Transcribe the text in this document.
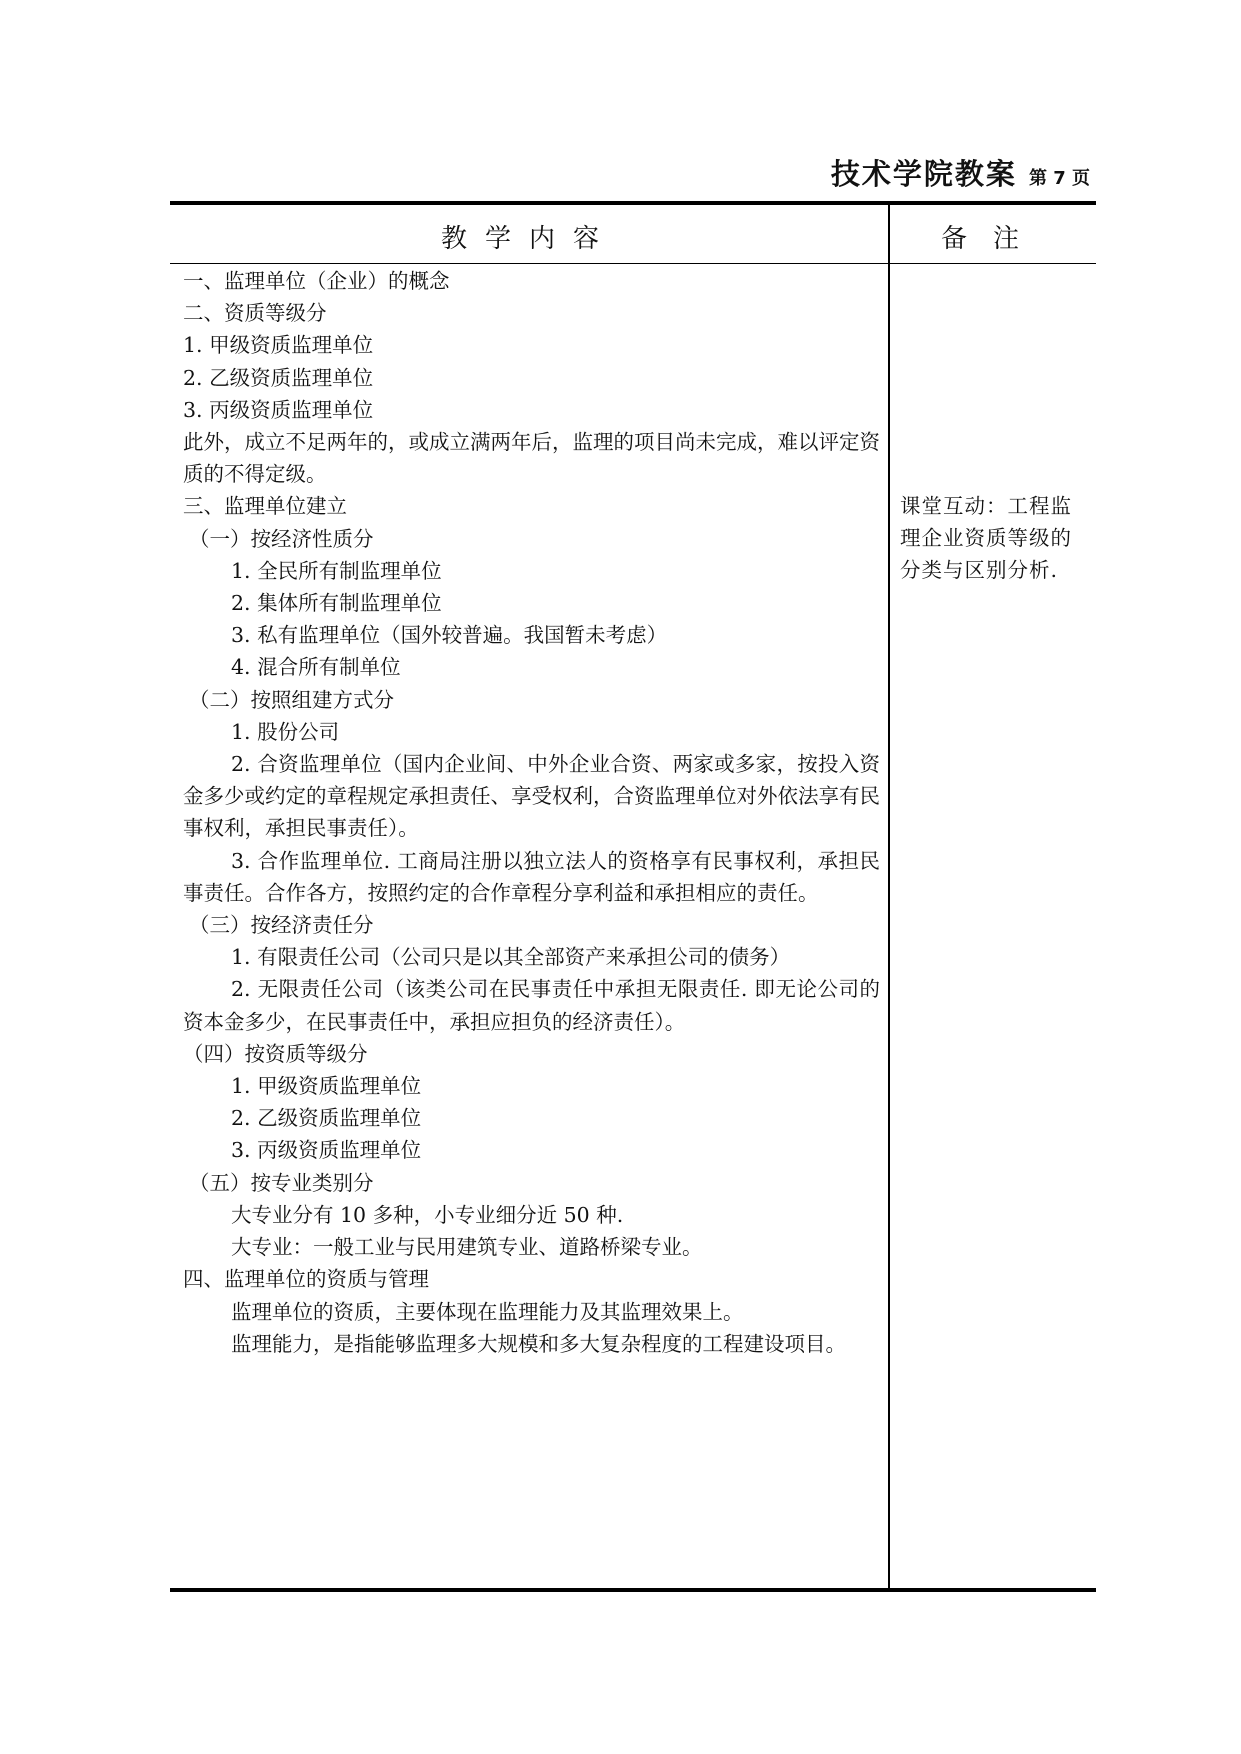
技术学院教案 第 7 页
教学内容	备注

一、监理单位（企业）的概念

二、资质等级分

1. 甲级资质监理单位

2. 乙级资质监理单位

3. 丙级资质监理单位

此外，成立不足两年的，或成立满两年后，监理的项目尚未完成，难以评定资质的不得定级。

三、监理单位建立

（一）按经济性质分

1. 全民所有制监理单位

2. 集体所有制监理单位

3. 私有监理单位（国外较普遍。我国暂未考虑）

4. 混合所有制单位

（二）按照组建方式分

1. 股份公司

2. 合资监理单位（国内企业间、中外企业合资、两家或多家，按投入资金多少或约定的章程规定承担责任、享受权利，合资监理单位对外依法享有民事权利，承担民事责任）。

3. 合作监理单位. 工商局注册以独立法人的资格享有民事权利，承担民事责任。合作各方，按照约定的合作章程分享利益和承担相应的责任。

（三）按经济责任分

1. 有限责任公司（公司只是以其全部资产来承担公司的债务）

2. 无限责任公司（该类公司在民事责任中承担无限责任. 即无论公司的资本金多少，在民事责任中，承担应担负的经济责任）。

（四）按资质等级分

1. 甲级资质监理单位

2. 乙级资质监理单位

3. 丙级资质监理单位

（五）按专业类别分

大专业分有 10 多种，小专业细分近 50 种.

大专业：一般工业与民用建筑专业、道路桥梁专业。

四、监理单位的资质与管理

监理单位的资质，主要体现在监理能力及其监理效果上。

监理能力，是指能够监理多大规模和多大复杂程度的工程建设项目。

课堂互动：工程监理企业资质等级的分类与区别分析.
